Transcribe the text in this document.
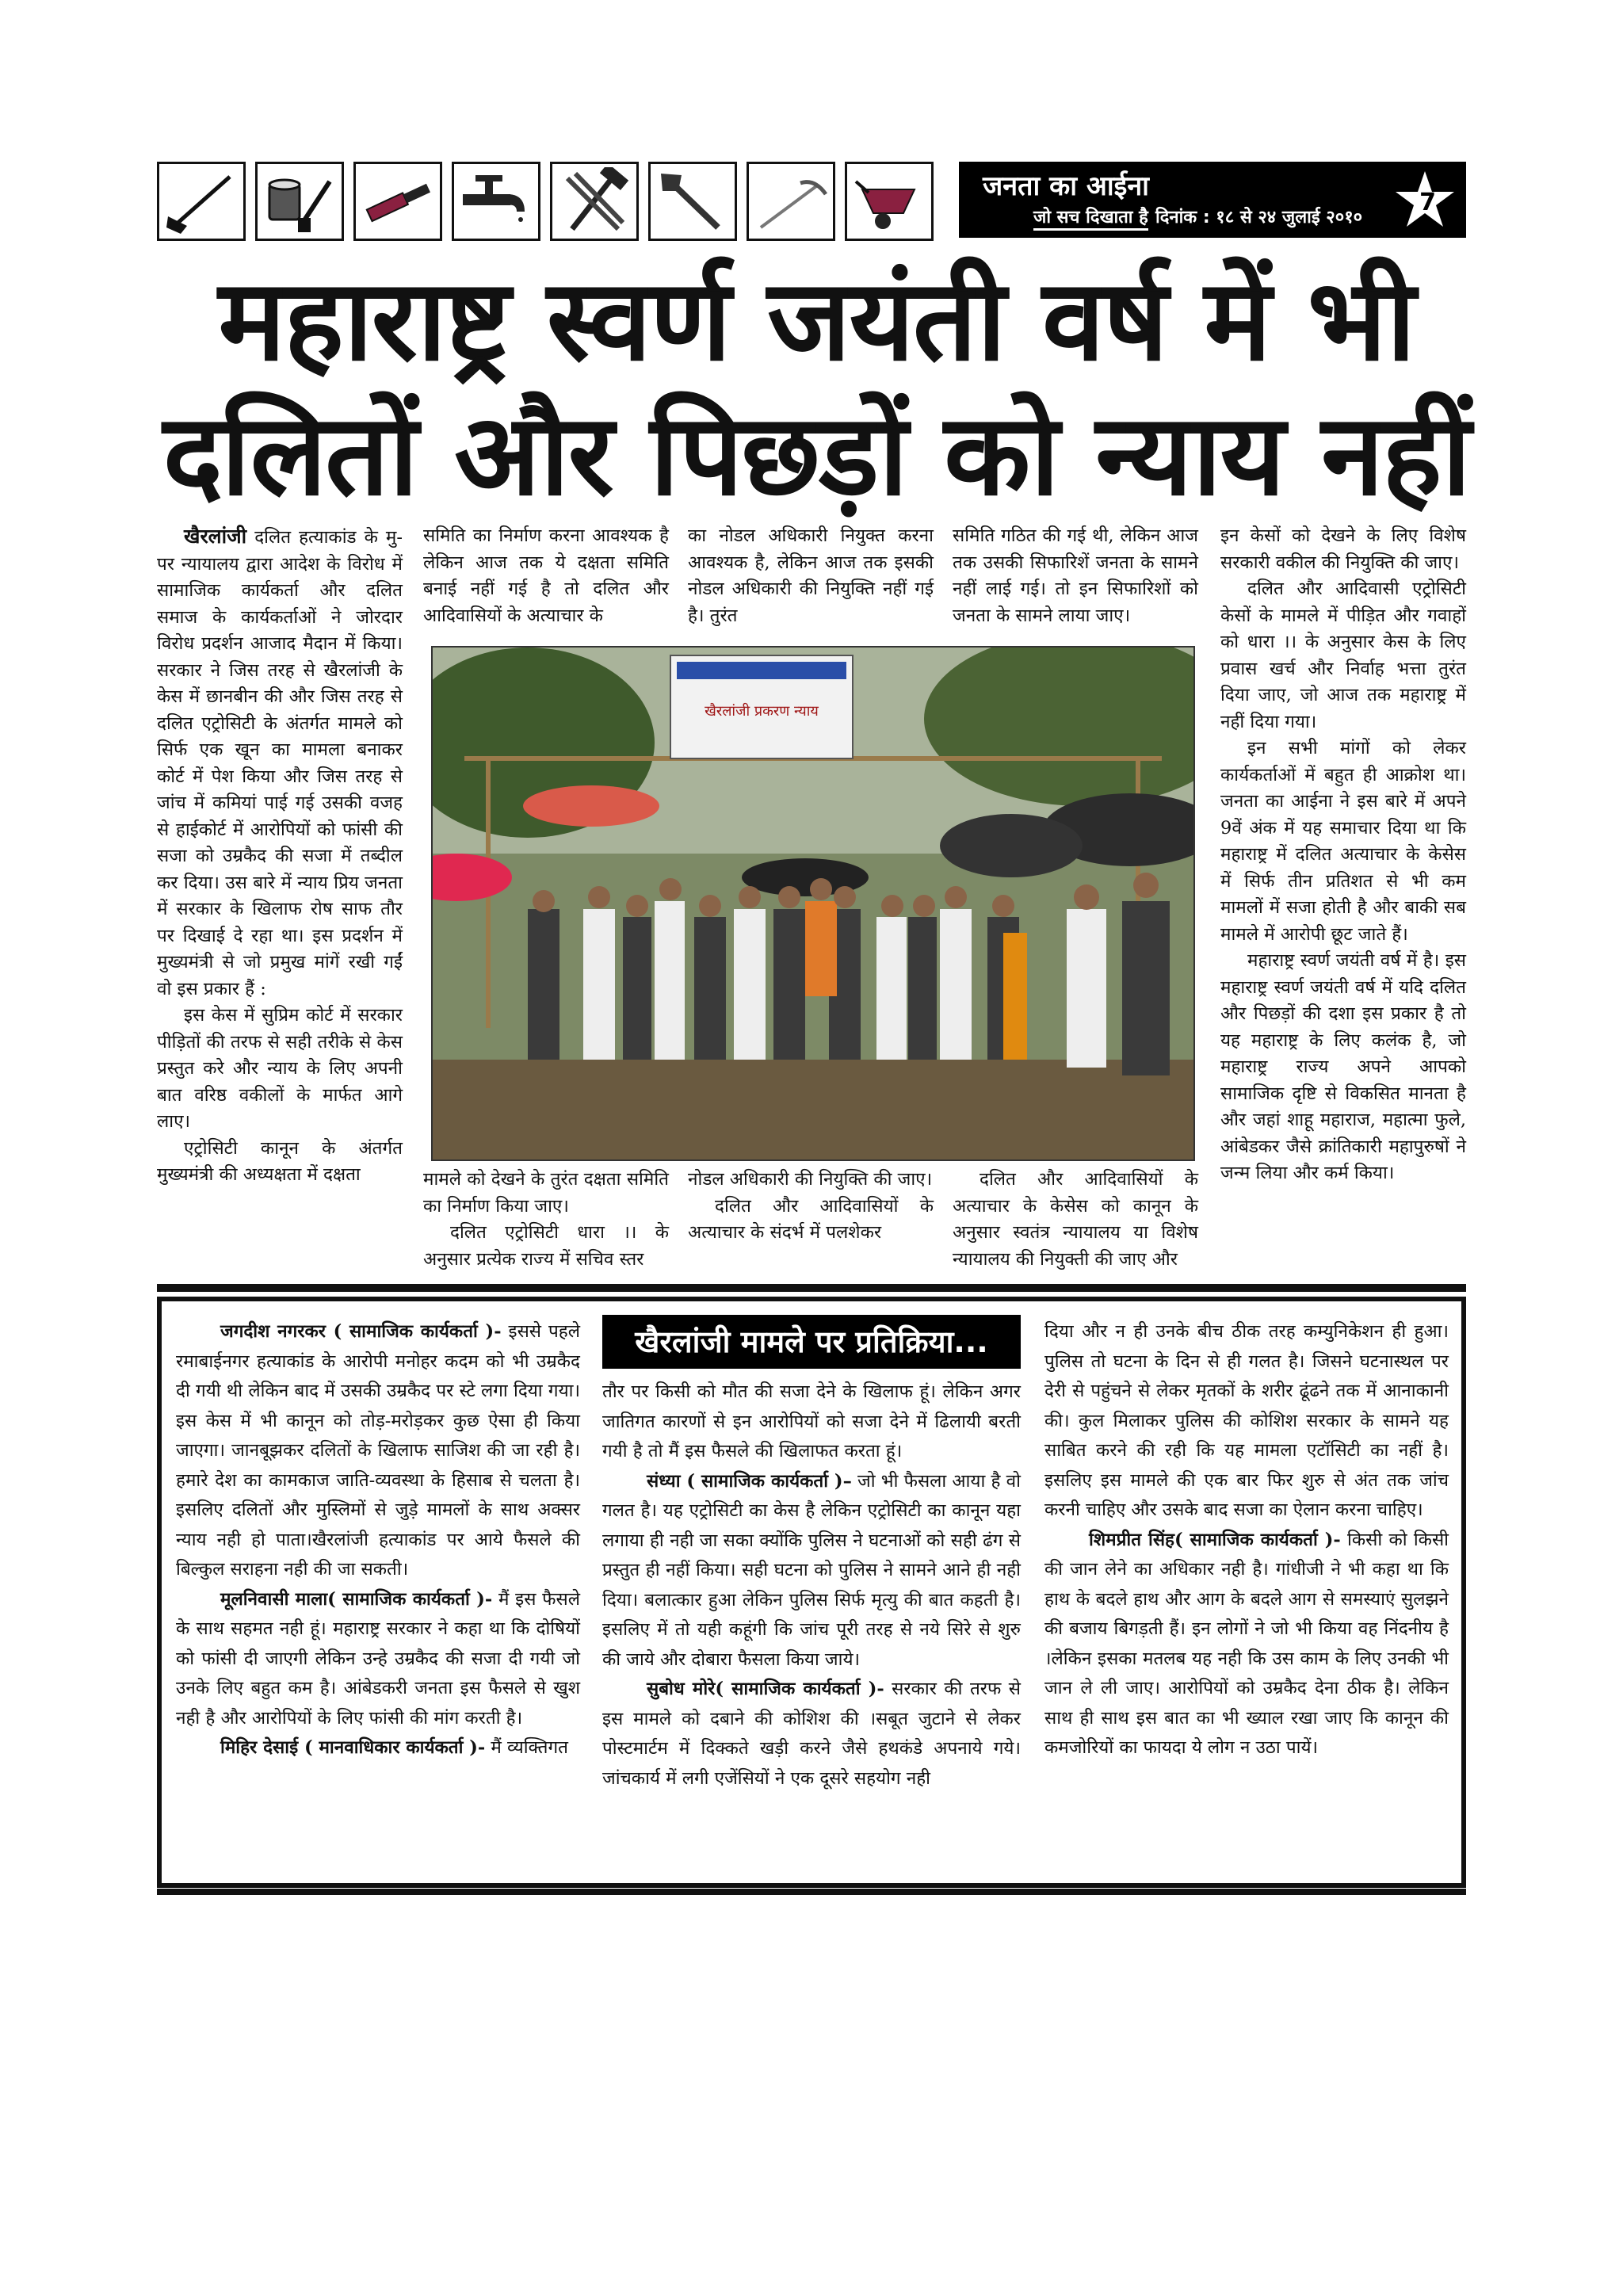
जनता का आईना
जो सच दिखाता है दिनांक : १८ से २४ जुलाई २०१०
7
महाराष्ट्र स्वर्ण जयंती वर्ष में भी
दलितों और पिछड़ों को न्याय नहीं

खैरलांजी दलित हत्याकांड के मु- पर न्यायालय द्वारा आदेश के विरोध में सामाजिक कार्यकर्ता और दलित समाज के कार्यकर्ताओं ने जोरदार विरोध प्रदर्शन आजाद मैदान में किया। सरकार ने जिस तरह से खैरलांजी के केस में छानबीन की और जिस तरह से दलित एट्रोसिटी के अंतर्गत मामले को सिर्फ एक खून का मामला बनाकर कोर्ट में पेश किया और जिस तरह से जांच में कमियां पाई गई उसकी वजह से हाईकोर्ट में आरोपियों को फांसी की सजा को उम्रकैद की सजा में तब्दील कर दिया। उस बारे में न्याय प्रिय जनता में सरकार के खिलाफ रोष साफ तौर पर दिखाई दे रहा था। इस प्रदर्शन में मुख्यमंत्री से जो प्रमुख मांगें रखी गईं वो इस प्रकार हैं :

इस केस में सुप्रिम कोर्ट में सरकार पीड़ितों की तरफ से सही तरीके से केस प्रस्तुत करे और न्याय के लिए अपनी बात वरिष्ठ वकीलों के मार्फत आगे लाए।

एट्रोसिटी कानून के अंतर्गत मुख्यमंत्री की अध्यक्षता में दक्षता

समिति का निर्माण करना आवश्यक है लेकिन आज तक ये दक्षता समिति बनाई नहीं गई है तो दलित और आदिवासियों के अत्याचार के

का नोडल अधिकारी नियुक्त करना आवश्यक है, लेकिन आज तक इसकी नोडल अधिकारी की नियुक्ति नहीं गई है। तुरंत

समिति गठित की गई थी, लेकिन आज तक उसकी सिफारिशें जनता के सामने नहीं लाई गई। तो इन सिफारिशों को जनता के सामने लाया जाए।

खैरलांजी प्रकरण न्याय

मामले को देखने के तुरंत दक्षता समिति का निर्माण किया जाए।

दलित एट्रोसिटी धारा ।। के अनुसार प्रत्येक राज्य में सचिव स्तर

नोडल अधिकारी की नियुक्ति की जाए।

दलित और आदिवासियों के अत्याचार के संदर्भ में पलशेकर

दलित और आदिवासियों के अत्याचार के केसेस को कानून के अनुसार स्वतंत्र न्यायालय या विशेष न्यायालय की नियुक्ती की जाए और

इन केसों को देखने के लिए विशेष सरकारी वकील की नियुक्ति की जाए।

दलित और आदिवासी एट्रोसिटी केसों के मामले में पीड़ित और गवाहों को धारा ।। के अनुसार केस के लिए प्रवास खर्च और निर्वाह भत्ता तुरंत दिया जाए, जो आज तक महाराष्ट्र में नहीं दिया गया।

इन सभी मांगों को लेकर कार्यकर्ताओं में बहुत ही आक्रोश था। जनता का आईना ने इस बारे में अपने 9वें अंक में यह समाचार दिया था कि महाराष्ट्र में दलित अत्याचार के केसेस में सिर्फ तीन प्रतिशत से भी कम मामलों में सजा होती है और बाकी सब मामले में आरोपी छूट जाते हैं।

महाराष्ट्र स्वर्ण जयंती वर्ष में है। इस महाराष्ट्र स्वर्ण जयंती वर्ष में यदि दलित और पिछड़ों की दशा इस प्रकार है तो यह महाराष्ट्र के लिए कलंक है, जो महाराष्ट्र राज्य अपने आपको सामाजिक दृष्टि से विकसित मानता है और जहां शाहू महाराज, महात्मा फुले, आंबेडकर जैसे क्रांतिकारी महापुरुषों ने जन्म लिया और कर्म किया।

खैरलांजी मामले पर प्रतिक्रिया...

जगदीश नगरकर ( सामाजिक कार्यकर्ता )- इससे पहले रमाबाईनगर हत्याकांड के आरोपी मनोहर कदम को भी उम्रकैद दी गयी थी लेकिन बाद में उसकी उम्रकैद पर स्टे लगा दिया गया। इस केस में भी कानून को तोड़-मरोड़कर कुछ ऐसा ही किया जाएगा। जानबूझकर दलितों के खिलाफ साजिश की जा रही है। हमारे देश का कामकाज जाति-व्यवस्था के हिसाब से चलता है। इसलिए दलितों और मुस्लिमों से जुड़े मामलों के साथ अक्सर न्याय नही हो पाता।खैरलांजी हत्याकांड पर आये फैसले की बिल्कुल सराहना नही की जा सकती।

मूलनिवासी माला( सामाजिक कार्यकर्ता )- मैं इस फैसले के साथ सहमत नही हूं। महाराष्ट्र सरकार ने कहा था कि दोषियों को फांसी दी जाएगी लेकिन उन्हे उम्रकैद की सजा दी गयी जो उनके लिए बहुत कम है। आंबेडकरी जनता इस फैसले से खुश नही है और आरोपियों के लिए फांसी की मांग करती है।

मिहिर देसाई ( मानवाधिकार कार्यकर्ता )- मैं व्यक्तिगत

तौर पर किसी को मौत की सजा देने के खिलाफ हूं। लेकिन अगर जातिगत कारणों से इन आरोपियों को सजा देने में ढिलायी बरती गयी है तो मैं इस फैसले की खिलाफत करता हूं।

संध्या ( सामाजिक कार्यकर्ता )– जो भी फैसला आया है वो गलत है। यह एट्रोसिटी का केस है लेकिन एट्रोसिटी का कानून यहा लगाया ही नही जा सका क्योंकि पुलिस ने घटनाओं को सही ढंग से प्रस्तुत ही नहीं किया। सही घटना को पुलिस ने सामने आने ही नही दिया। बलात्कार हुआ लेकिन पुलिस सिर्फ मृत्यु की बात कहती है। इसलिए में तो यही कहूंगी कि जांच पूरी तरह से नये सिरे से शुरु की जाये और दोबारा फैसला किया जाये।

सुबोध मोरे( सामाजिक कार्यकर्ता )- सरकार की तरफ से इस मामले को दबाने की कोशिश की ।सबूत जुटाने से लेकर पोस्टमार्टम में दिक्कते खड़ी करने जैसे हथकंडे अपनाये गये। जांचकार्य में लगी एजेंसियों ने एक दूसरे सहयोग नही

दिया और न ही उनके बीच ठीक तरह कम्युनिकेशन ही हुआ। पुलिस तो घटना के दिन से ही गलत है। जिसने घटनास्थल पर देरी से पहुंचने से लेकर मृतकों के शरीर ढूंढने तक में आनाकानी की। कुल मिलाकर पुलिस की कोशिश सरकार के सामने यह साबित करने की रही कि यह मामला एटॉसिटी का नहीं है। इसलिए इस मामले की एक बार फिर शुरु से अंत तक जांच करनी चाहिए और उसके बाद सजा का ऐलान करना चाहिए।

शिमप्रीत सिंह( सामाजिक कार्यकर्ता )- किसी को किसी की जान लेने का अधिकार नही है। गांधीजी ने भी कहा था कि हाथ के बदले हाथ और आग के बदले आग से समस्याएं सुलझने की बजाय बिगड़ती हैं। इन लोगों ने जो भी किया वह निंदनीय है ।लेकिन इसका मतलब यह नही कि उस काम के लिए उनकी भी जान ले ली जाए। आरोपियों को उम्रकैद देना ठीक है। लेकिन साथ ही साथ इस बात का भी ख्याल रखा जाए कि कानून की कमजोरियों का फायदा ये लोग न उठा पायें।
